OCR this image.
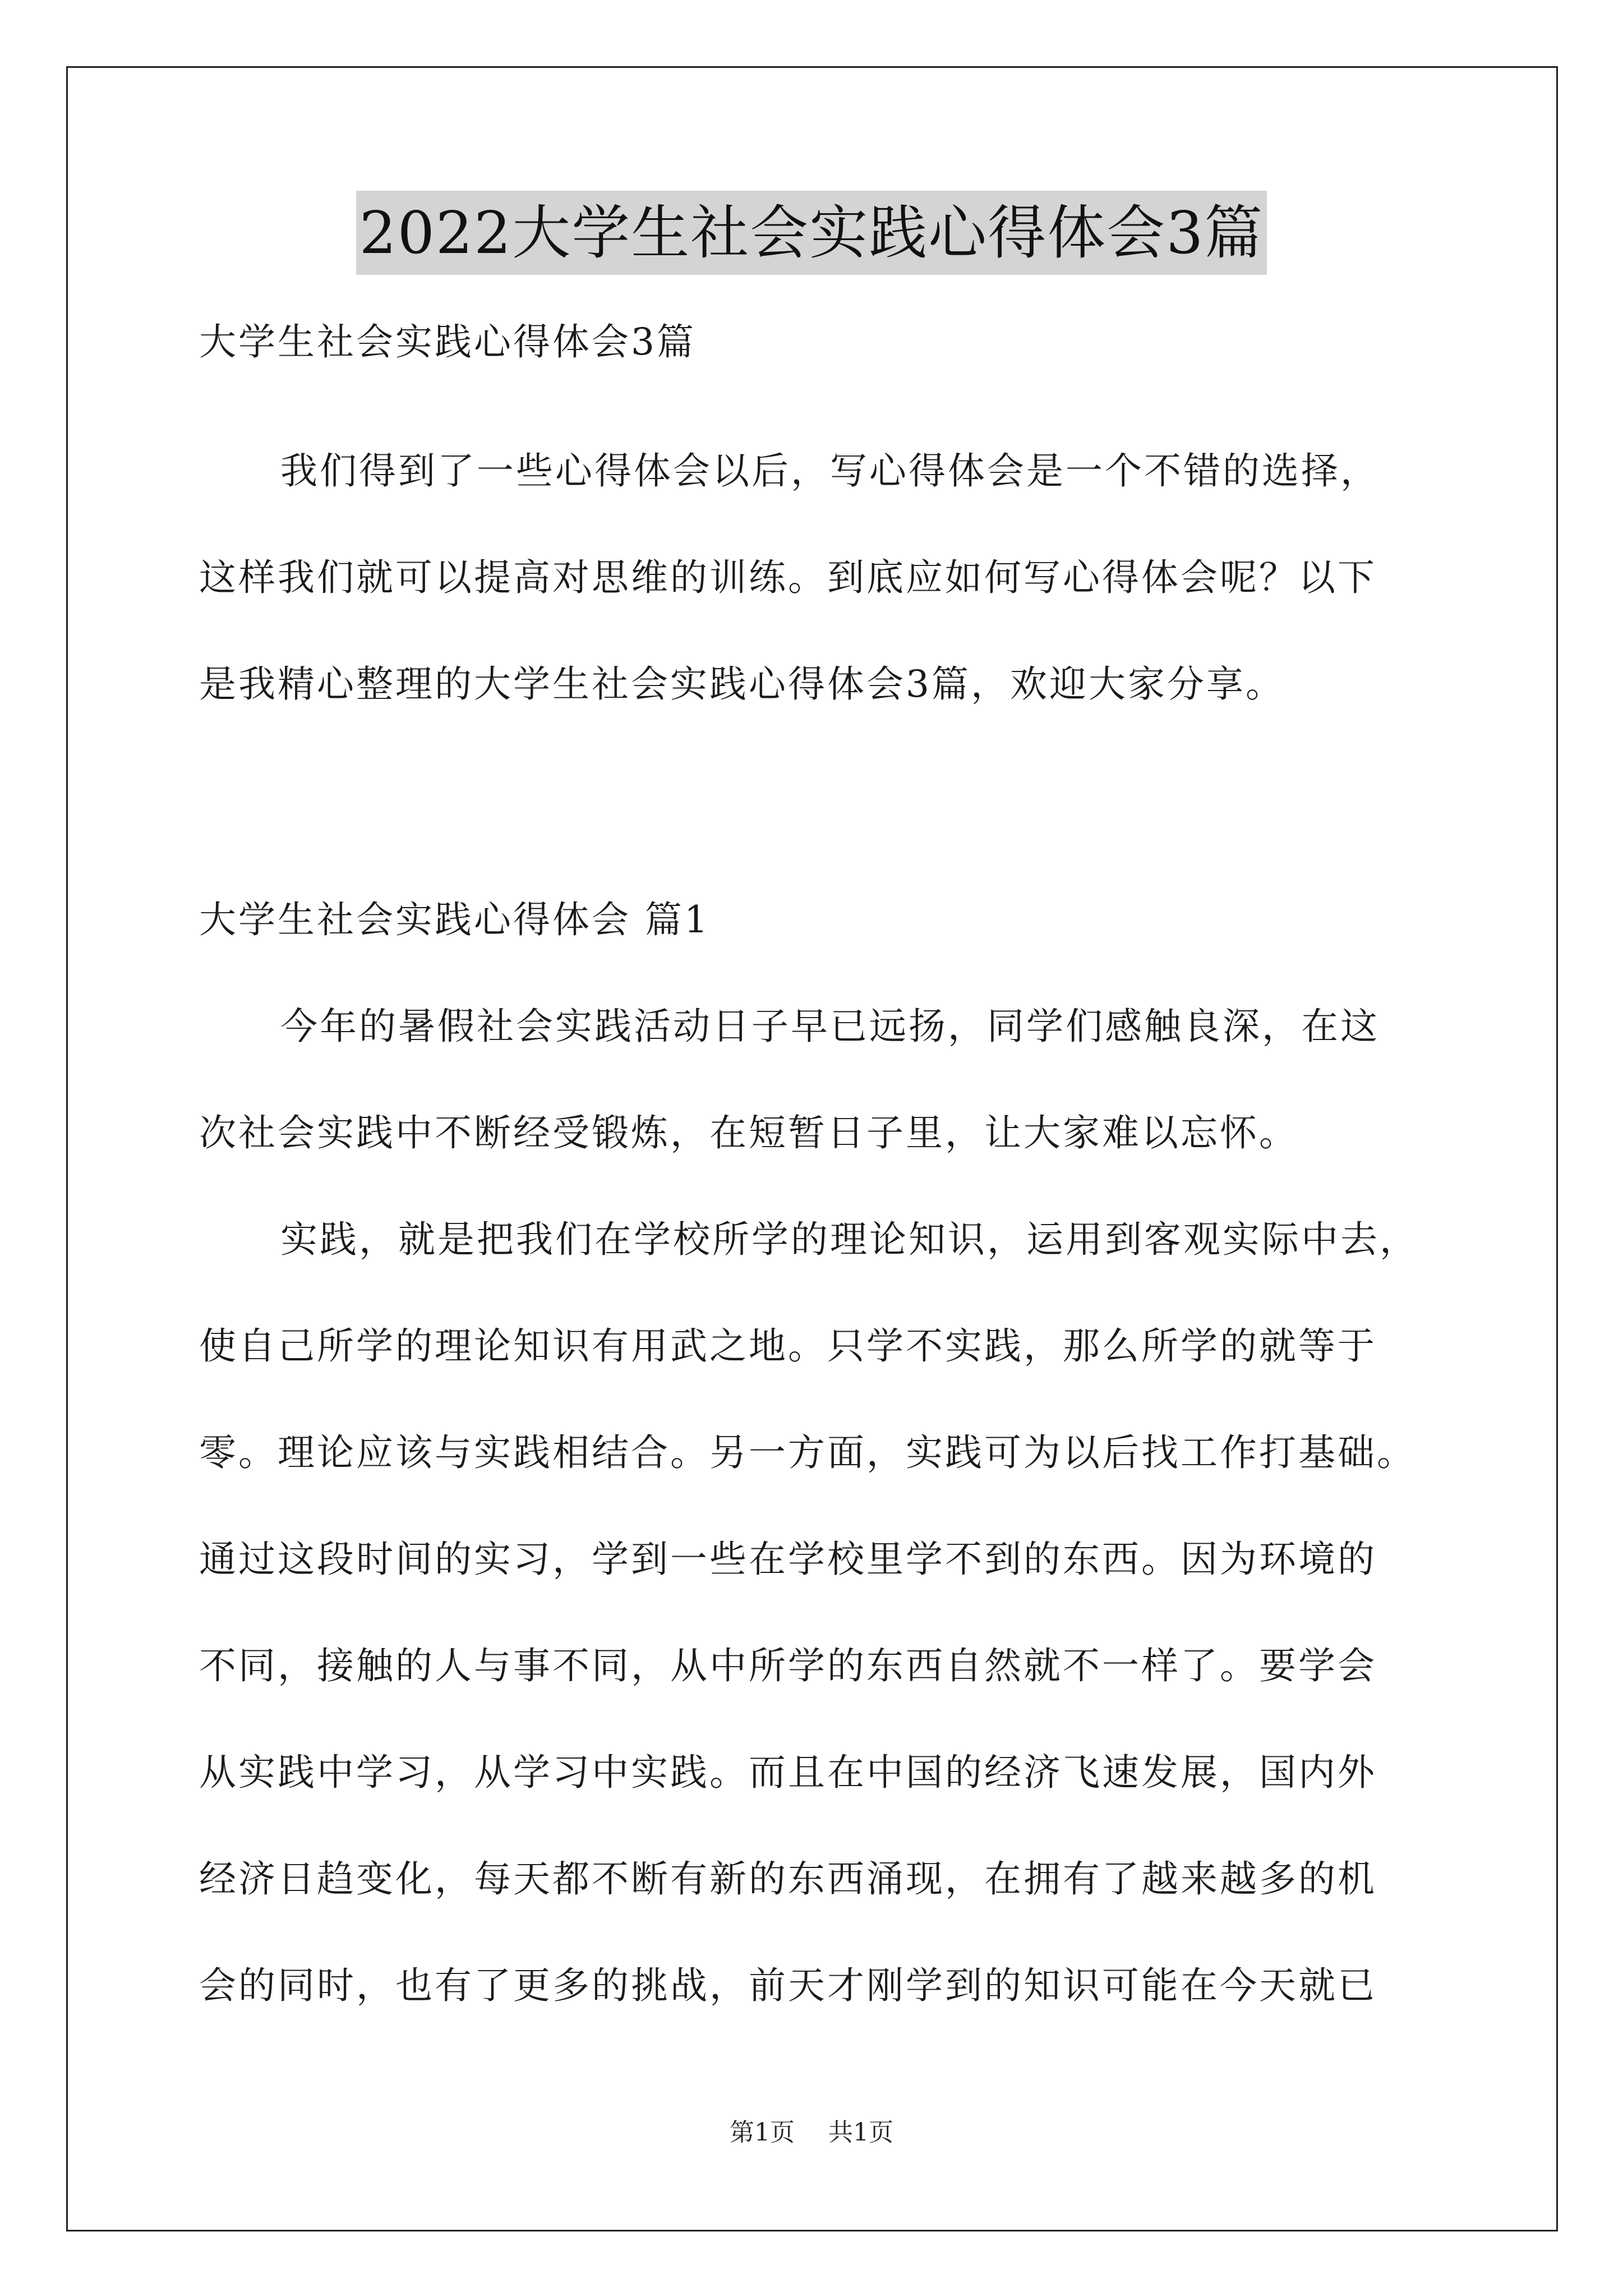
2022大学生社会实践心得体会3篇
大学生社会实践心得体会3篇
我们得到了一些心得体会以后，写心得体会是一个不错的选择，
这样我们就可以提高对思维的训练。到底应如何写心得体会呢？以下
是我精心整理的大学生社会实践心得体会3篇，欢迎大家分享。
大学生社会实践心得体会 篇1
今年的暑假社会实践活动日子早已远扬，同学们感触良深，在这
次社会实践中不断经受锻炼，在短暂日子里，让大家难以忘怀。
实践，就是把我们在学校所学的理论知识，运用到客观实际中去，
使自己所学的理论知识有用武之地。只学不实践，那么所学的就等于
零。理论应该与实践相结合。另一方面，实践可为以后找工作打基础。
通过这段时间的实习，学到一些在学校里学不到的东西。因为环境的
不同，接触的人与事不同，从中所学的东西自然就不一样了。要学会
从实践中学习，从学习中实践。而且在中国的经济飞速发展，国内外
经济日趋变化，每天都不断有新的东西涌现，在拥有了越来越多的机
会的同时，也有了更多的挑战，前天才刚学到的知识可能在今天就已
第1页 共1页
